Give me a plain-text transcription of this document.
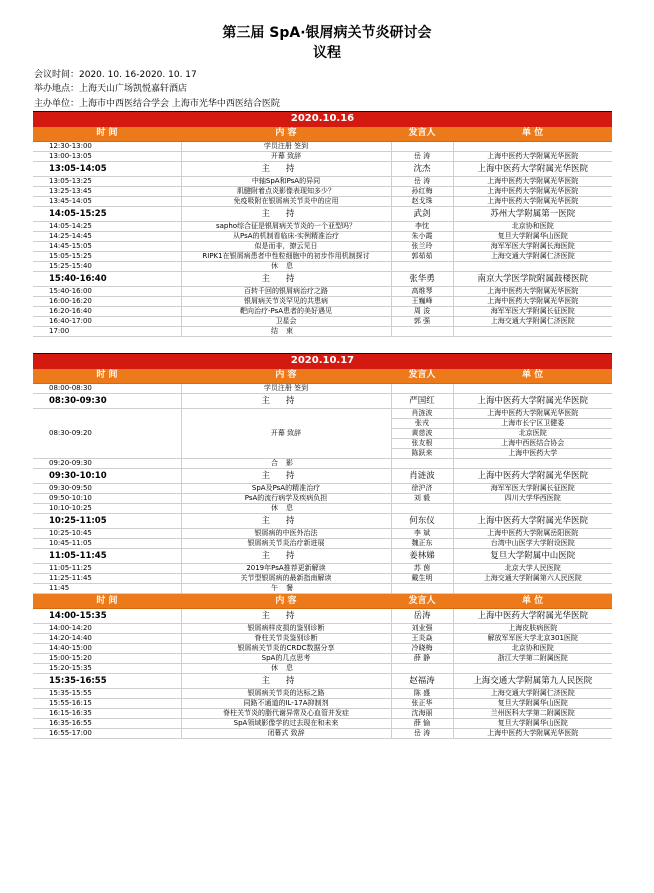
第三届 SpA·银屑病关节炎研讨会
议程
会议时间：2020. 10. 16-2020. 10. 17
举办地点：上海天山广场凯悦嘉轩酒店
主办单位：上海市中西医结合学会 上海市光华中西医结合医院
2020.10.16			
时 间	内 容	发言人	单 位
12:30-13:00	学员注册 签到		
13:00-13:05	开幕 致辞	岳 涛	上海中医药大学附属光华医院
13:05-14:05	主持	沈杰	上海中医药大学附属光华医院
13:05-13:25	中轴SpA和PsA的异同	岳 涛	上海中医药大学附属光华医院
13:25-13:45	肌腱附着点炎影像表现知多少？	孙红梅	上海中医药大学附属光华医院
13:45-14:05	免疫吸附在银屑病关节炎中的应用	赵戈珠	上海中医药大学附属光华医院
14:05-15:25	主持	武剑	苏州大学附属第一医院
14:05-14:25	sapho综合征是银屑病关节炎的一个亚型吗？	李忱	北京协和医院
14:25-14:45	从PsA的机制看临床-实例精准治疗	朱小霞	复旦大学附属华山医院
14:45-15:05	似是而非，撩云见日	张兰玲	海军军医大学附属长海医院
15:05-15:25	RIPK1在银屑病患者中性粒细胞中的初步作用机制探讨	郭茹茹	上海交通大学附属仁济医院
15:25-15:40	休息		
15:40-16:40	主持	张华勇	南京大学医学院附属鼓楼医院
15:40-16:00	百转千回的银屑病治疗之路	高维琴	上海中医药大学附属光华医院
16:00-16:20	银屑病关节炎罕见的共患病	王巍峰	上海中医药大学附属光华医院
16:20-16:40	靶向治疗-PsA患者的美好遇见	周 浚	海军军医大学附属长征医院
16:40-17:00	卫星会	郭 强	上海交通大学附属仁济医院
17:00	结束		

2020.10.17			
时 间	内 容	发言人	单 位
08:00-08:30	学员注册 签到		
08:30-09:30	主持	严国红	上海中医药大学附属光华医院
08:30-09:20	开幕 致辞	肖涟波	上海中医药大学附属光华医院
		张戎	上海市长宁区卫健委
		黄慈波	北京医院
		张友根	上海中西医结合协会
		陈跃来	上海中医药大学
09:20-09:30	合影		
09:30-10:10	主持	肖涟波	上海中医药大学附属光华医院
09:30-09:50	SpA及PsA的精准治疗	徐沪济	海军军医大学附属长征医院
09:50-10:10	PsA的流行病学及疾病负担	刘 毅	四川大学华西医院
10:10-10:25	休息		
10:25-11:05	主持	何东仪	上海中医药大学附属光华医院
10:25-10:45	银屑病的中医外治法	李 斌	上海中医药大学附属岳阳医院
10:45-11:05	银屑病关节炎治疗新进展	魏正东	台湾中山医学大学附设医院
11:05-11:45	主持	姜林娣	复旦大学附属中山医院
11:05-11:25	2019年PsA推荐更新解读	苏 茵	北京大学人民医院
11:25-11:45	关节型银屑病的最新指南解读	戴生明	上海交通大学附属第六人民医院
11:45	午餐		
时 间	内 容	发言人	单 位
14:00-15:35	主持	岳涛	上海中医药大学附属光华医院
14:00-14:20	银屑病样皮损的鉴别诊断	刘业强	上海皮肤病医院
14:20-14:40	脊柱关节炎鉴别诊断	王炎焱	解放军军医大学北京301医院
14:40-15:00	银屑病关节炎的CRDC数据分享	冷晓梅	北京协和医院
15:00-15:20	SpA的几点思考	薛 静	浙江大学第二附属医院
15:20-15:35	休息		
15:35-16:55	主持	赵福涛	上海交通大学附属第九人民医院
15:35-15:55	银屑病关节炎的达标之路	陈 盛	上海交通大学附属仁济医院
15:55-16:15	同路不通道的IL-17A抑制剂	张正华	复旦大学附属华山医院
16:15-16:35	脊柱关节炎的脂代谢异常及心血管并发症	沈海丽	兰州医科大学第二附属医院
16:35-16:55	SpA领域影像学的过去现在和未来	薛 愉	复旦大学附属华山医院
16:55-17:00	闭幕式 致辞	岳 涛	上海中医药大学附属光华医院
